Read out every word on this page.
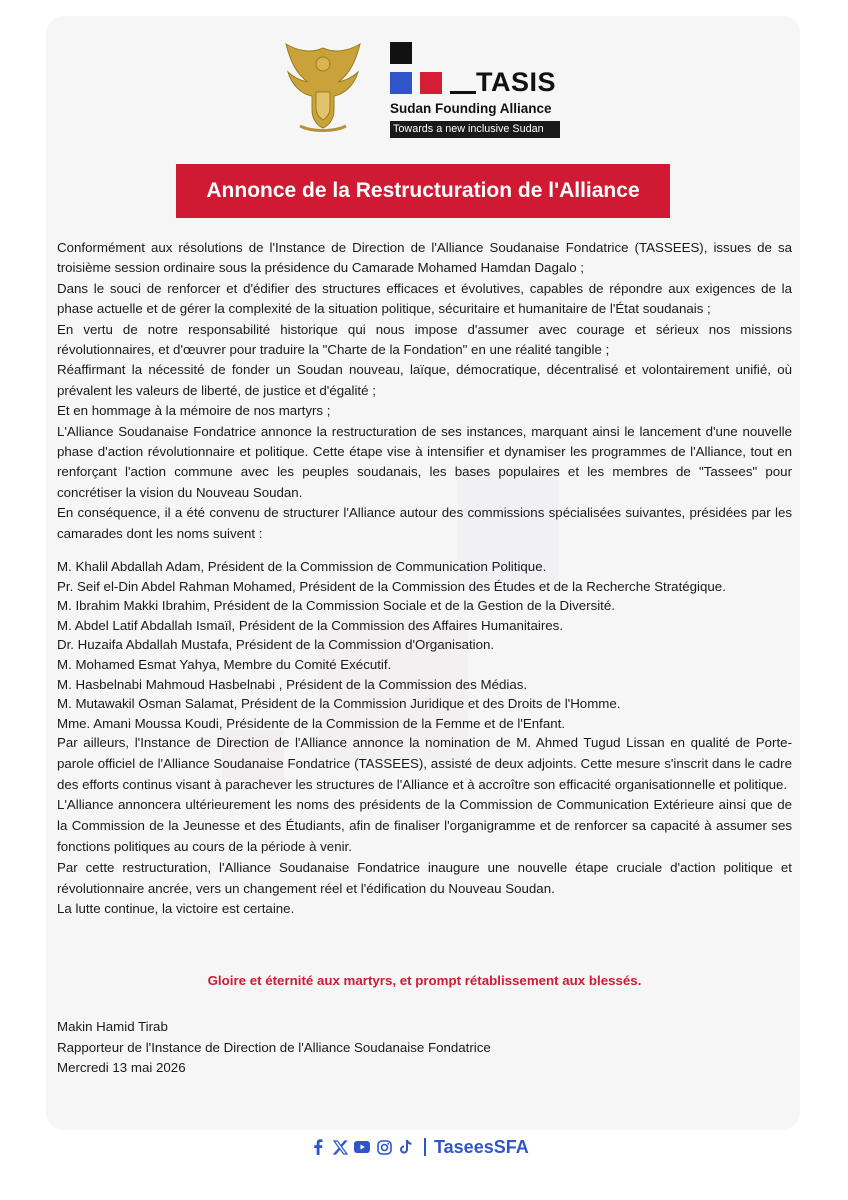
TASIS
Sudan Founding Alliance
Towards a new inclusive Sudan
Annonce de la Restructuration de l'Alliance

Conformément aux résolutions de l'Instance de Direction de l'Alliance Soudanaise Fondatrice (TASSEES), issues de sa troisième session ordinaire sous la présidence du Camarade Mohamed Hamdan Dagalo ;

Dans le souci de renforcer et d'édifier des structures efficaces et évolutives, capables de répondre aux exigences de la phase actuelle et de gérer la complexité de la situation politique, sécuritaire et humanitaire de l'État soudanais ;

En vertu de notre responsabilité historique qui nous impose d'assumer avec courage et sérieux nos missions révolutionnaires, et d'œuvrer pour traduire la "Charte de la Fondation" en une réalité tangible ;

Réaffirmant la nécessité de fonder un Soudan nouveau, laïque, démocratique, décentralisé et volontairement unifié, où prévalent les valeurs de liberté, de justice et d'égalité ;

Et en hommage à la mémoire de nos martyrs ;

L'Alliance Soudanaise Fondatrice annonce la restructuration de ses instances, marquant ainsi le lancement d'une nouvelle phase d'action révolutionnaire et politique. Cette étape vise à intensifier et dynamiser les programmes de l'Alliance, tout en renforçant l'action commune avec les peuples soudanais, les bases populaires et les membres de "Tassees" pour concrétiser la vision du Nouveau Soudan.

En conséquence, il a été convenu de structurer l'Alliance autour des commissions spécialisées suivantes, présidées par les camarades dont les noms suivent :

M. Khalil Abdallah Adam, Président de la Commission de Communication Politique.
Pr. Seif el-Din Abdel Rahman Mohamed, Président de la Commission des Études et de la Recherche Stratégique.
M. Ibrahim Makki Ibrahim, Président de la Commission Sociale et de la Gestion de la Diversité.
M. Abdel Latif Abdallah Ismaïl, Président de la Commission des Affaires Humanitaires.
Dr. Huzaifa Abdallah Mustafa, Président de la Commission d'Organisation.
M. Mohamed Esmat Yahya, Membre du Comité Exécutif.
M. Hasbelnabi Mahmoud Hasbelnabi , Président de la Commission des Médias.
M. Mutawakil Osman Salamat, Président de la Commission Juridique et des Droits de l'Homme.
Mme. Amani Moussa Koudi, Présidente de la Commission de la Femme et de l'Enfant.

Par ailleurs, l'Instance de Direction de l'Alliance annonce la nomination de M. Ahmed Tugud Lissan en qualité de Porte-parole officiel de l'Alliance Soudanaise Fondatrice (TASSEES), assisté de deux adjoints. Cette mesure s'inscrit dans le cadre des efforts continus visant à parachever les structures de l'Alliance et à accroître son efficacité organisationnelle et politique.

L'Alliance annoncera ultérieurement les noms des présidents de la Commission de Communication Extérieure ainsi que de la Commission de la Jeunesse et des Étudiants, afin de finaliser l'organigramme et de renforcer sa capacité à assumer ses fonctions politiques au cours de la période à venir.

Par cette restructuration, l'Alliance Soudanaise Fondatrice inaugure une nouvelle étape cruciale d'action politique et révolutionnaire ancrée, vers un changement réel et l'édification du Nouveau Soudan.

La lutte continue, la victoire est certaine.

Gloire et éternité aux martyrs, et prompt rétablissement aux blessés.
Makin Hamid Tirab
Rapporteur de l'Instance de Direction de l'Alliance Soudanaise Fondatrice
Mercredi 13 mai 2026
TaseesSFA
